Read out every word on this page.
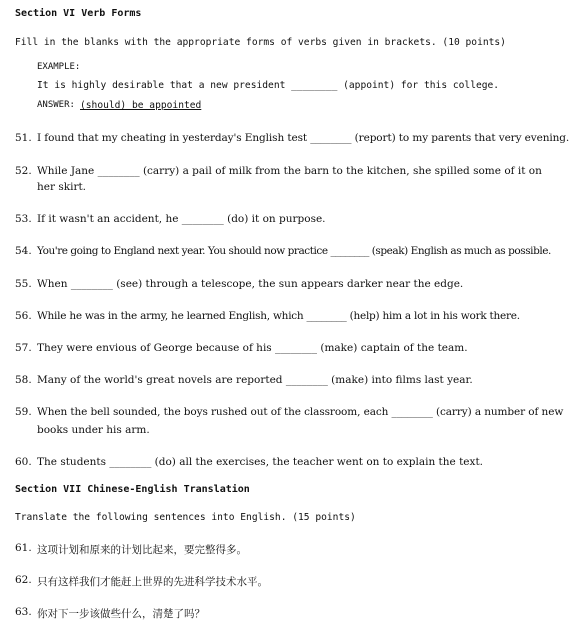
Section VI Verb Forms
Fill in the blanks with the appropriate forms of verbs given in brackets. (10 points)
EXAMPLE:
It is highly desirable that a new president ________ (appoint) for this college.
ANSWER: (should) be appointed
51. I found that my cheating in yesterday's English test ________ (report) to my parents that very evening.
52. While Jane ________ (carry) a pail of milk from the barn to the kitchen, she spilled some of it on
her skirt.
53. If it wasn't an accident, he ________ (do) it on purpose.
54. You're going to England next year. You should now practice ________ (speak) English as much as possible.
55. When ________ (see) through a telescope, the sun appears darker near the edge.
56. While he was in the army, he learned English, which ________ (help) him a lot in his work there.
57. They were envious of George because of his ________ (make) captain of the team.
58. Many of the world's great novels are reported ________ (make) into films last year.
59. When the bell sounded, the boys rushed out of the classroom, each ________ (carry) a number of new
books under his arm.
60. The students ________ (do) all the exercises, the teacher went on to explain the text.
Section VII Chinese-English Translation
Translate the following sentences into English. (15 points)
61. 这项计划和原来的计划比起来，要完整得多。
62. 只有这样我们才能赶上世界的先进科学技术水平。
63. 你对下一步该做些什么，清楚了吗？
